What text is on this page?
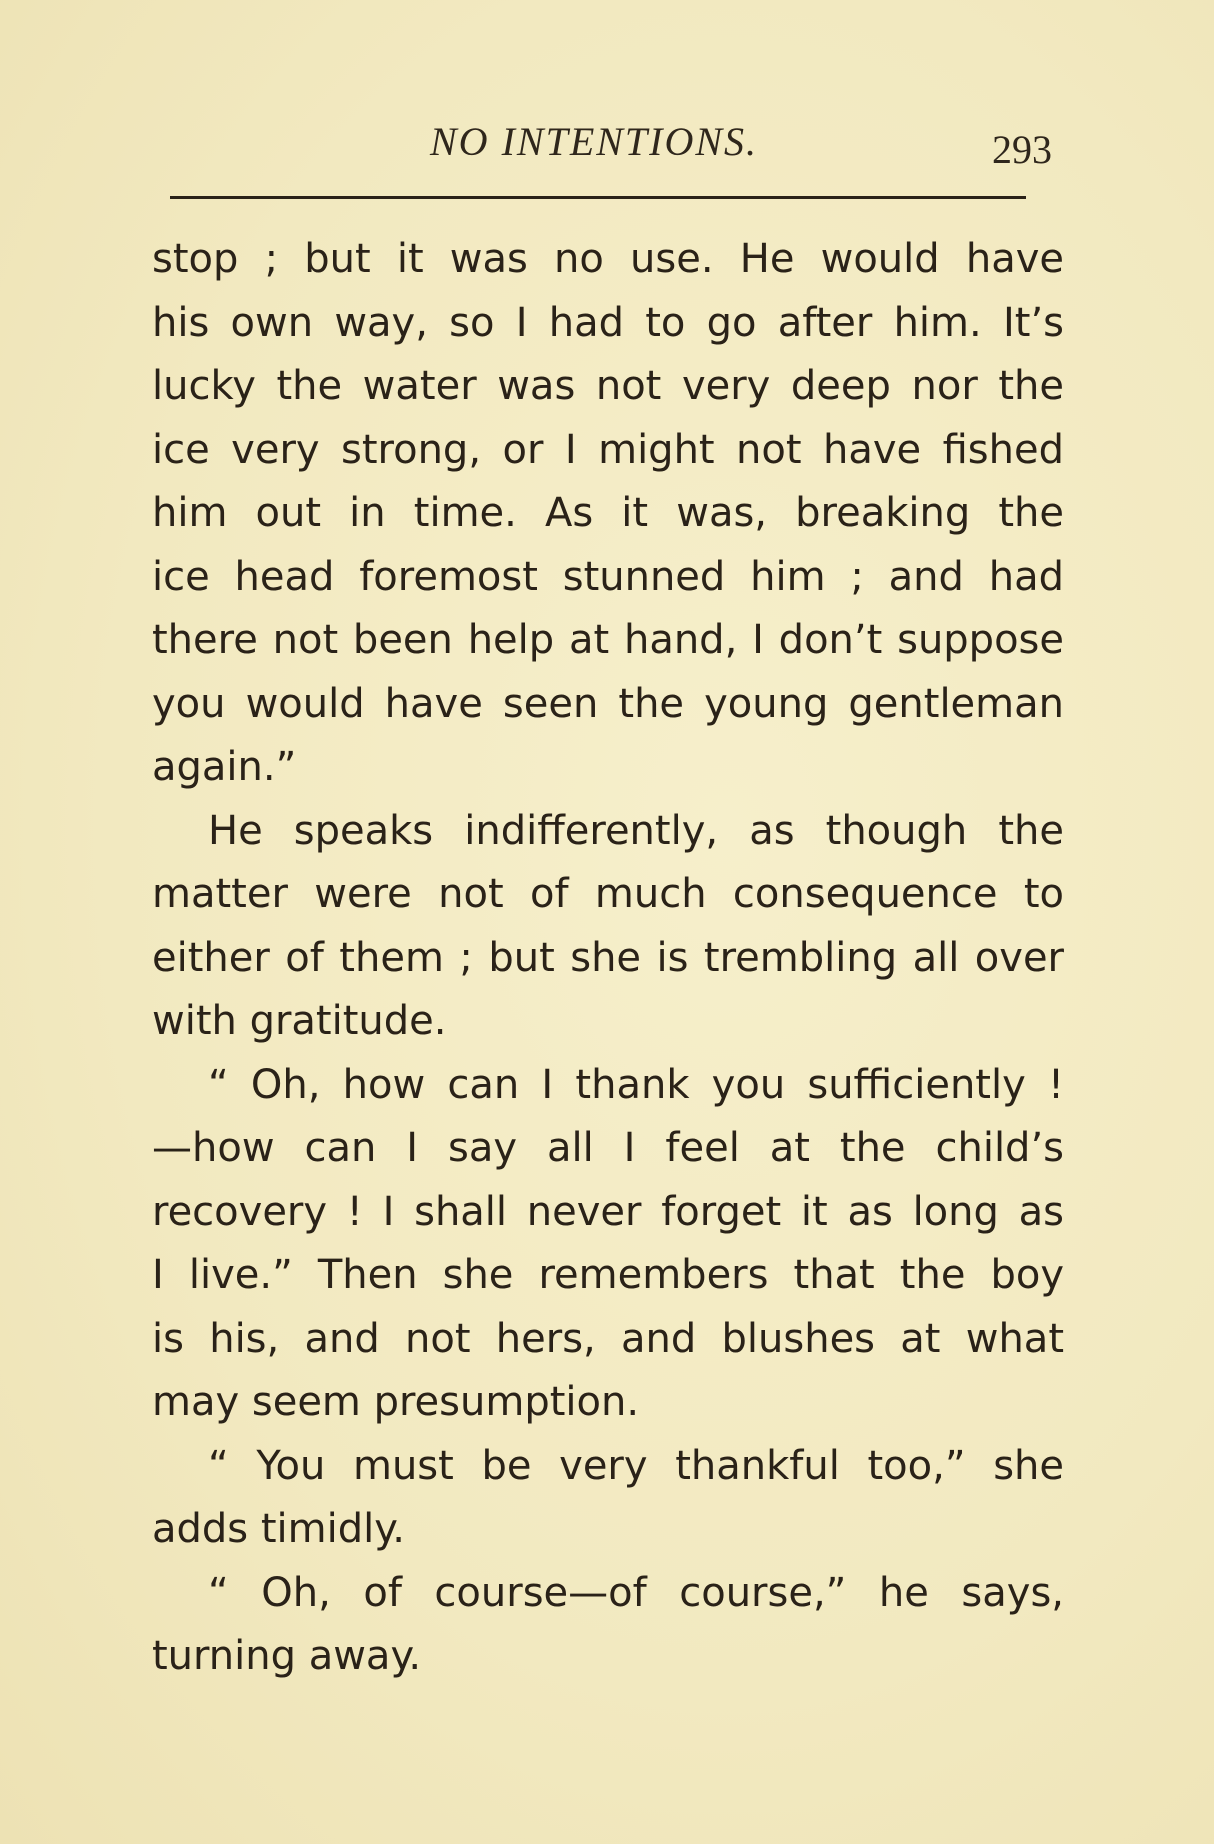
NO INTENTIONS.	293
stop ; but it was no use. He would have
his own way, so I had to go after him. It’s
lucky the water was not very deep nor the
ice very strong, or I might not have fished
him out in time. As it was, breaking the
ice head foremost stunned him ; and had
there not been help at hand, I don’t suppose
you would have seen the young gentleman
again.”
He speaks indifferently, as though the
matter were not of much consequence to
either of them ; but she is trembling all over
with gratitude.
“ Oh, how can I thank you sufficiently !
—how can I say all I feel at the child’s
recovery ! I shall never forget it as long as
I live.” Then she remembers that the boy
is his, and not hers, and blushes at what
may seem presumption.
“ You must be very thankful too,” she
adds timidly.
“ Oh, of course—of course,” he says,
turning away.
